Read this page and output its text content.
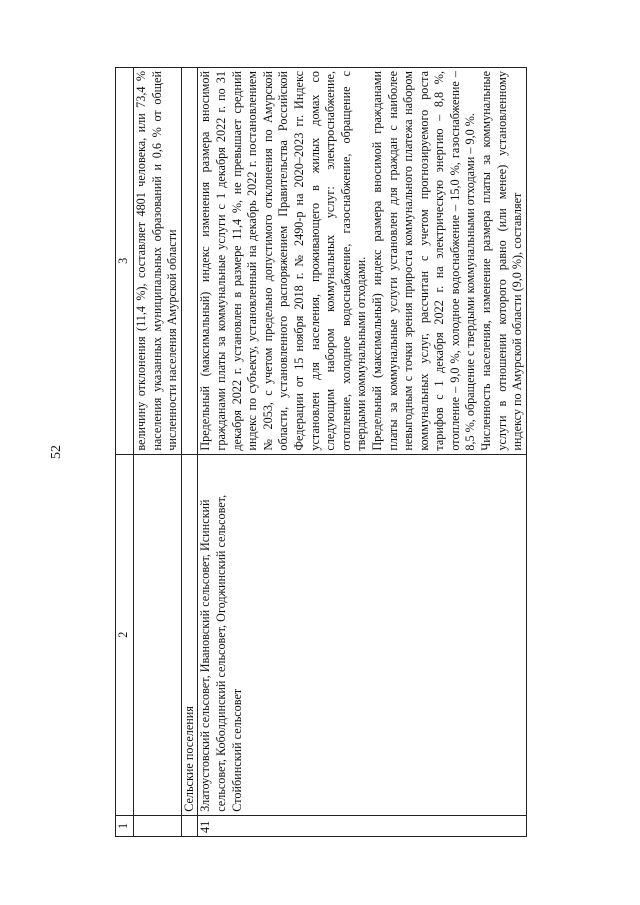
52
1	2	3
		величину отклонения (11,4 %), составляет 4801 человека, или 73,4 % населения указанных муниципальных образований и 0,6 % от общей численности населения Амурской области
	Сельские поселения	
41	Златоустовский сельсовет, Ивановский сельсовет, Исинский сельсовет, Коболдинский сельсовет, Огоджинский сельсовет, Стойбинский сельсовет	Предельный (максимальный) индекс изменения размера вносимой гражданами платы за коммунальные услуги с 1 декабря 2022 г. по 31 декабря 2022 г. установлен в размере 11,4 %, не превышает средний индекс по субъекту, установленный на декабрь 2022 г. постановлением № 2053, с учетом предельно допустимого отклонения по Амурской области, установленного распоряжением Правительства Российской Федерации от 15 ноября 2018 г. № 2490-р на 2020–2023 гг. Индекс установлен для населения, проживающего в жилых домах со следующим набором коммунальных услуг: электроснабжение, отопление, холодное водоснабжение, газоснабжение, обращение с твердыми коммунальными отходами. Предельный (максимальный) индекс размера вносимой гражданами платы за коммунальные услуги установлен для граждан с наиболее невыгодным с точки зрения прироста коммунального платежа набором коммунальных услуг, рассчитан с учетом прогнозируемого роста тарифов с 1 декабря 2022 г. на электрическую энергию – 8,8 %, отопление – 9,0 %, холодное водоснабжение – 15,0 %, газоснабжение – 8,5 %, обращение с твердыми коммунальными отходами – 9,0 %. Численность населения, изменение размера платы за коммунальные услуги в отношении которого равно (или менее) установленному индексу по Амурской области (9,0 %), составляет
